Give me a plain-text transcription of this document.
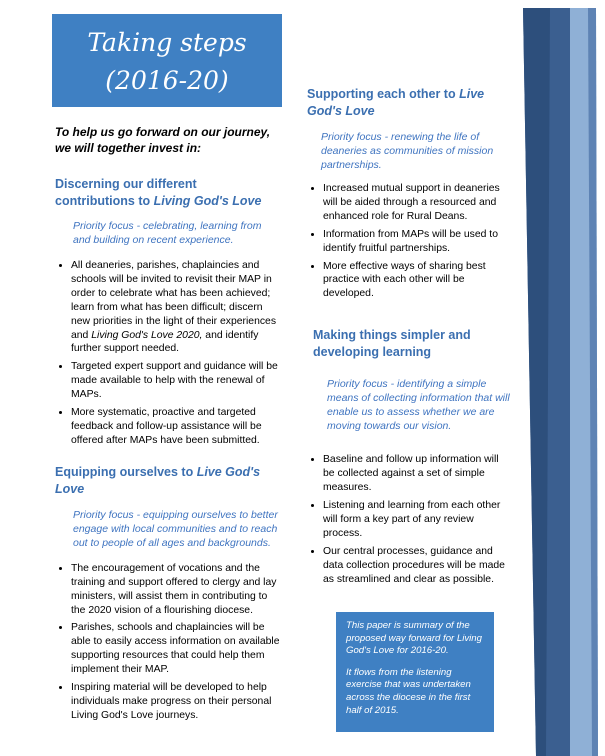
Taking steps
(2016-20)
To help us go forward on our journey,
we will together invest in:

Discerning our different
contributions to Living God's Love

Priority focus - celebrating, learning from and building on recent experience.

• All deaneries, parishes, chaplaincies and schools will be invited to revisit their MAP in order to celebrate what has been achieved; learn from what has been difficult; discern new priorities in the light of their experiences and Living God's Love 2020, and identify further support needed.
• Targeted expert support and guidance will be made available to help with the renewal of MAPs.
• More systematic, proactive and targeted feedback and follow-up assistance will be offered after MAPs have been submitted.

Equipping ourselves to Live God's
Love

Priority focus - equipping ourselves to better engage with local communities and to reach out to people of all ages and backgrounds.

• The encouragement of vocations and the training and support offered to clergy and lay ministers, will assist them in contributing to the 2020 vision of a flourishing diocese.
• Parishes, schools and chaplaincies will be able to easily access information on available supporting resources that could help them implement their MAP.
• Inspiring material will be developed to help individuals make progress on their personal Living God's Love journeys.

Supporting each other to Live
God's Love

Priority focus - renewing the life of deaneries as communities of mission partnerships.

• Increased mutual support in deaneries will be aided through a resourced and enhanced role for Rural Deans.
• Information from MAPs will be used to identify fruitful partnerships.
• More effective ways of sharing best practice with each other will be developed.

Making things simpler and
developing learning

Priority focus - identifying a simple means of collecting information that will enable us to assess whether we are moving towards our vision.

• Baseline and follow up information will be collected against a set of simple measures.
• Listening and learning from each other will form a key part of any review process.
• Our central processes, guidance and data collection procedures will be made as streamlined and clear as possible.

This paper is summary of the proposed way forward for Living God's Love for 2016-20.

It flows from the listening exercise that was undertaken across the diocese in the first half of 2015.
